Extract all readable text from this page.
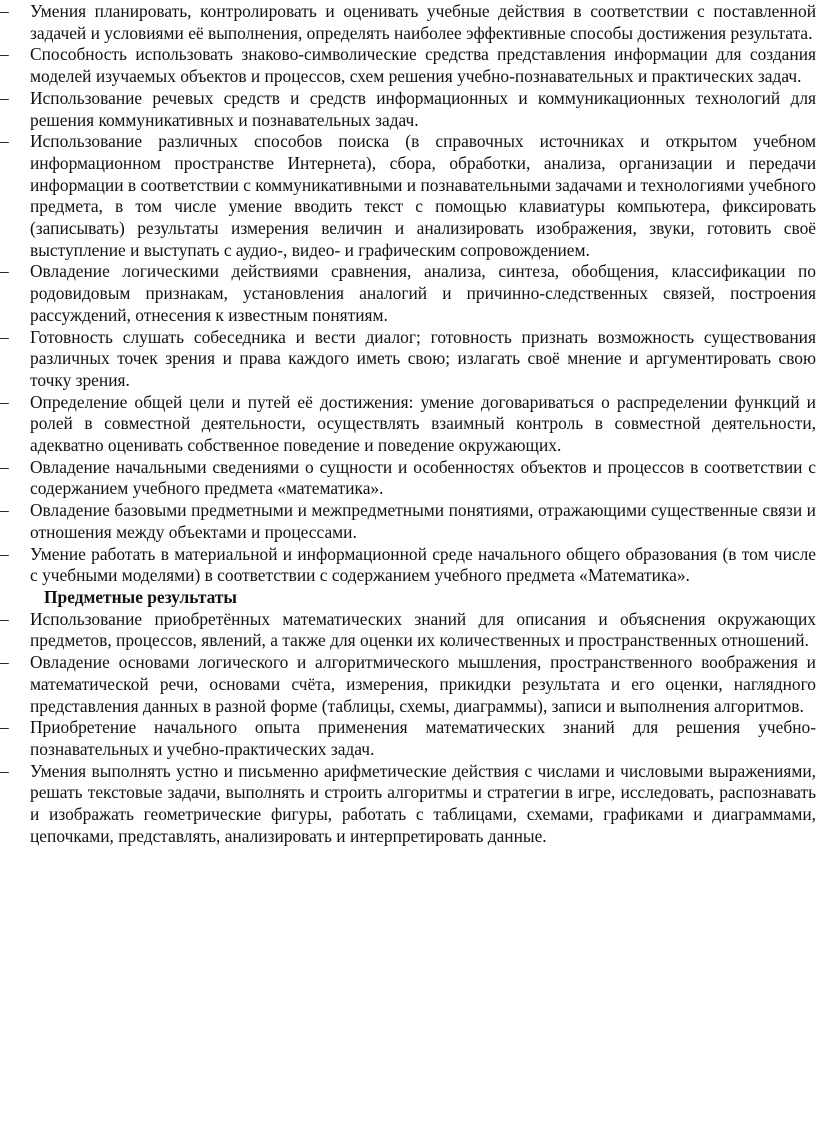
–	Умения планировать, контролировать и оценивать учебные действия в соответствии с поставленной задачей и условиями её выполнения, определять наиболее эффективные способы достижения результата.
–	Способность использовать знаково-символические средства представления информации для создания моделей изучаемых объектов и процессов, схем решения учебно-познавательных и практических задач.
–	Использование речевых средств и средств информационных и коммуникационных технологий для решения коммуникативных и познавательных задач.
–	Использование различных способов поиска (в справочных источниках и открытом учебном информационном пространстве Интернета), сбора, обработки, анализа, организации и передачи информации в соответствии с коммуникативными и познавательными задачами и технологиями учебного предмета, в том числе умение вводить текст с помощью клавиатуры компьютера, фиксировать (записывать) результаты измерения величин и анализировать изображения, звуки, готовить своё выступление и выступать с аудио-, видео- и графическим сопровождением.
–	Овладение логическими действиями сравнения, анализа, синтеза, обобщения, классификации по родовидовым признакам, установления аналогий и причинно-следственных связей, построения рассуждений, отнесения к известным понятиям.
–	Готовность слушать собеседника и вести диалог; готовность признать возможность существования различных точек зрения и права каждого иметь свою; излагать своё мнение и аргументировать свою точку зрения.
–	Определение общей цели и путей её достижения: умение договариваться о распределении функций и ролей в совместной деятельности, осуществлять взаимный контроль в совместной деятельности, адекватно оценивать собственное поведение и поведение окружающих.
–	Овладение начальными сведениями о сущности и особенностях объектов и процессов в соответствии с содержанием учебного предмета «математика».
–	Овладение базовыми предметными и межпредметными понятиями, отражающими существенные связи и отношения между объектами и процессами.
–	Умение работать в материальной и информационной среде начального общего образования (в том числе с учебными моделями) в соответствии с содержанием учебного предмета «Математика».

Предметные результаты

–	Использование приобретённых математических знаний для описания и объяснения окружающих предметов, процессов, явлений, а также для оценки их количественных и пространственных отношений.
–	Овладение основами логического и алгоритмического мышления, пространственного воображения и математической речи, основами счёта, измерения, прикидки результата и его оценки, наглядного представления данных в разной форме (таблицы, схемы, диаграммы), записи и выполнения алгоритмов.
–	Приобретение начального опыта применения математических знаний для решения учебно-познавательных и учебно-практических задач.
–	Умения выполнять устно и письменно арифметические действия с числами и числовыми выражениями, решать текстовые задачи, выполнять и строить алгоритмы и стратегии в игре, исследовать, распознавать и изображать геометрические фигуры, работать с таблицами, схемами, графиками и диаграммами, цепочками, представлять, анализировать и интерпретировать данные.
